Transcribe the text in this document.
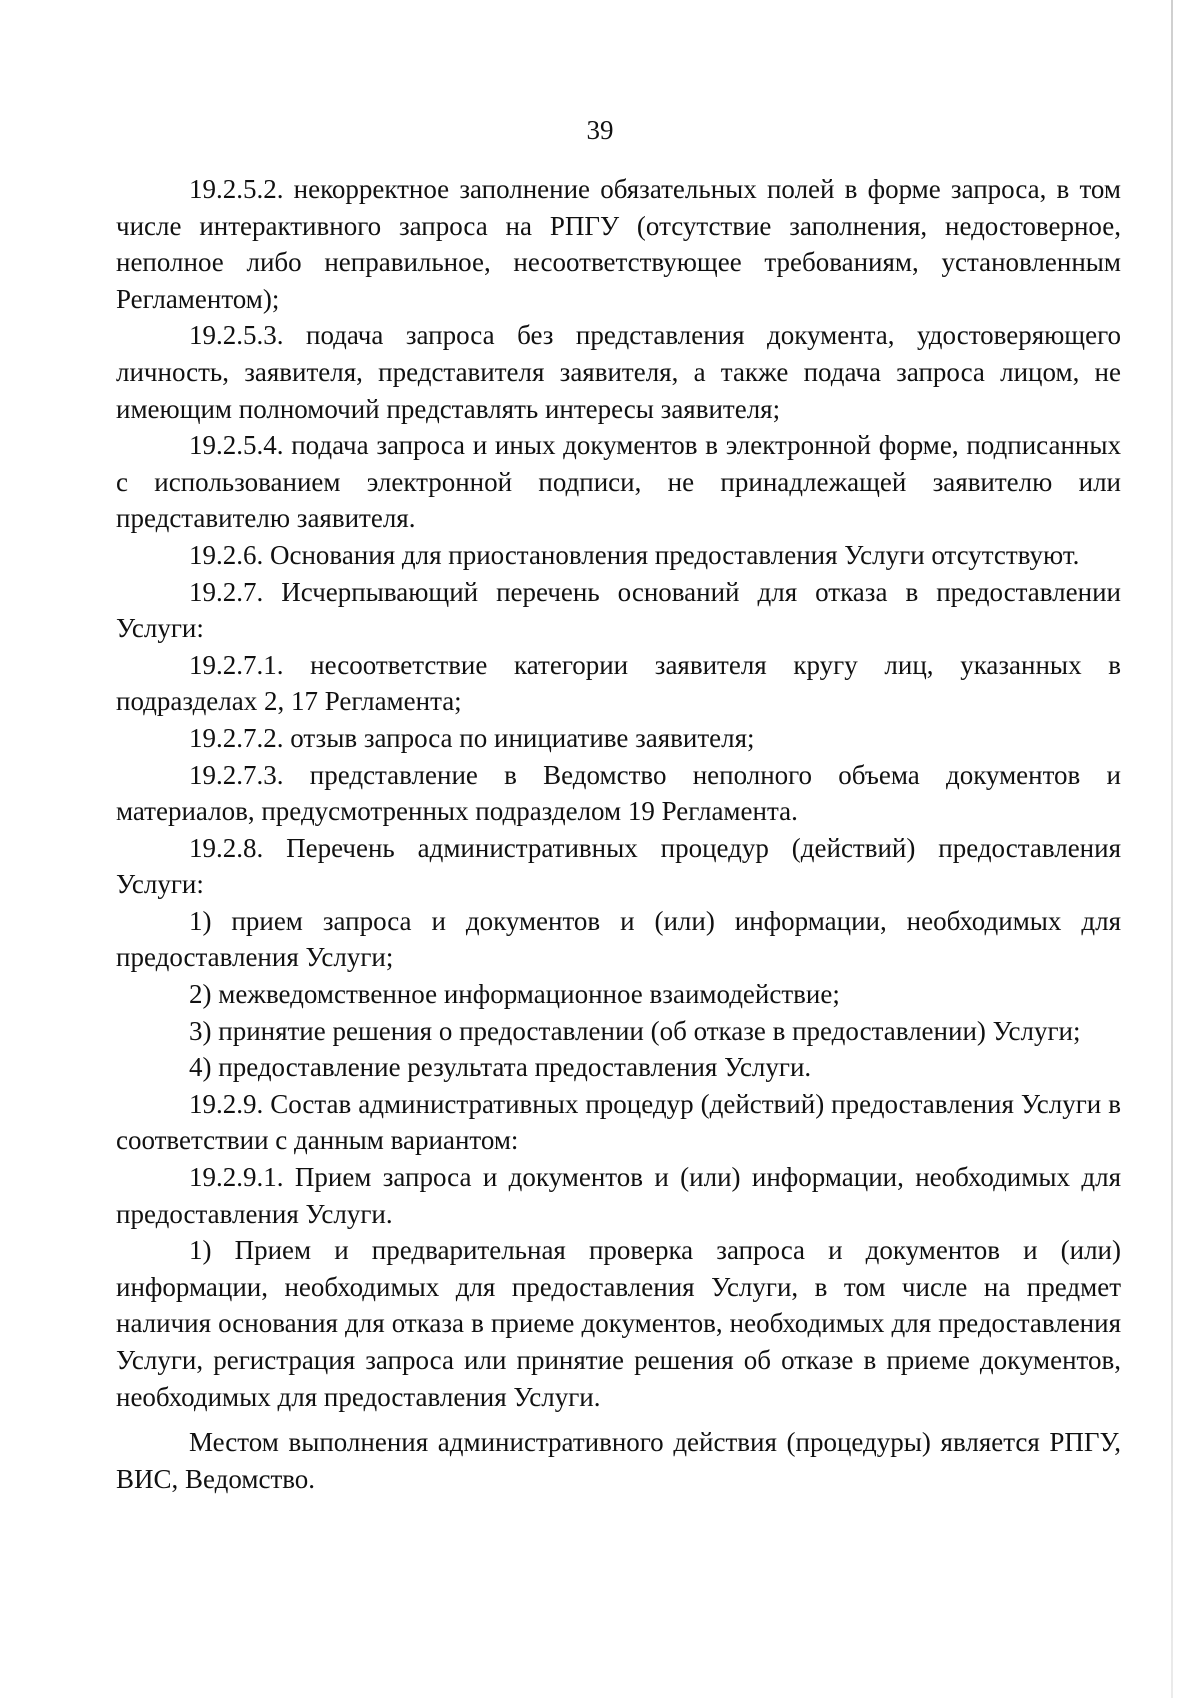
39

19.2.5.2. некорректное заполнение обязательных полей в форме запроса, в том числе интерактивного запроса на РПГУ (отсутствие заполнения, недостоверное, неполное либо неправильное, несоответствующее требованиям, установленным Регламентом);

19.2.5.3. подача запроса без представления документа, удостоверяющего личность, заявителя, представителя заявителя, а также подача запроса лицом, не имеющим полномочий представлять интересы заявителя;

19.2.5.4. подача запроса и иных документов в электронной форме, подписанных с использованием электронной подписи, не принадлежащей заявителю или представителю заявителя.

19.2.6. Основания для приостановления предоставления Услуги отсутствуют.

19.2.7. Исчерпывающий перечень оснований для отказа в предоставлении Услуги:

19.2.7.1. несоответствие категории заявителя кругу лиц, указанных в подразделах 2, 17 Регламента;

19.2.7.2. отзыв запроса по инициативе заявителя;

19.2.7.3. представление в Ведомство неполного объема документов и материалов, предусмотренных подразделом 19 Регламента.

19.2.8. Перечень административных процедур (действий) предоставления Услуги:

1) прием запроса и документов и (или) информации, необходимых для предоставления Услуги;

2) межведомственное информационное взаимодействие;

3) принятие решения о предоставлении (об отказе в предоставлении) Услуги;

4) предоставление результата предоставления Услуги.

19.2.9. Состав административных процедур (действий) предоставления Услуги в соответствии с данным вариантом:

19.2.9.1. Прием запроса и документов и (или) информации, необходимых для предоставления Услуги.

1) Прием и предварительная проверка запроса и документов и (или) информации, необходимых для предоставления Услуги, в том числе на предмет наличия основания для отказа в приеме документов, необходимых для предоставления Услуги, регистрация запроса или принятие решения об отказе в приеме документов, необходимых для предоставления Услуги.

Местом выполнения административного действия (процедуры) является РПГУ, ВИС, Ведомство.
